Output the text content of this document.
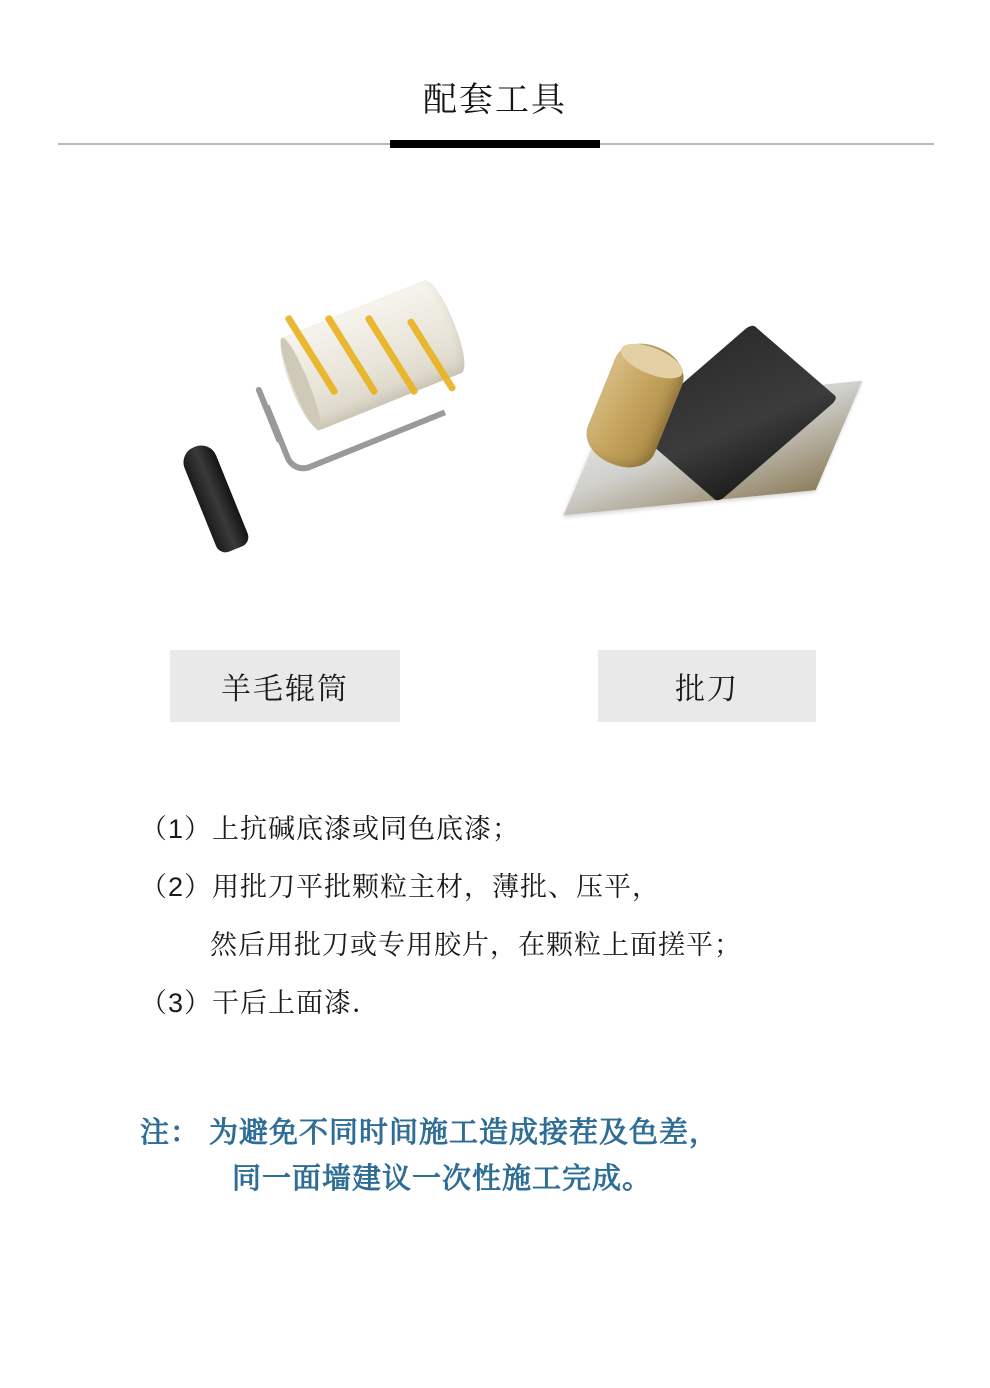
配套工具
羊毛辊筒	批刀
（1）上抗碱底漆或同色底漆；
（2）用批刀平批颗粒主材，薄批、压平，
然后用批刀或专用胶片，在颗粒上面搓平；
（3）干后上面漆．
注： 为避免不同时间施工造成接茬及色差，
同一面墙建议一次性施工完成。
